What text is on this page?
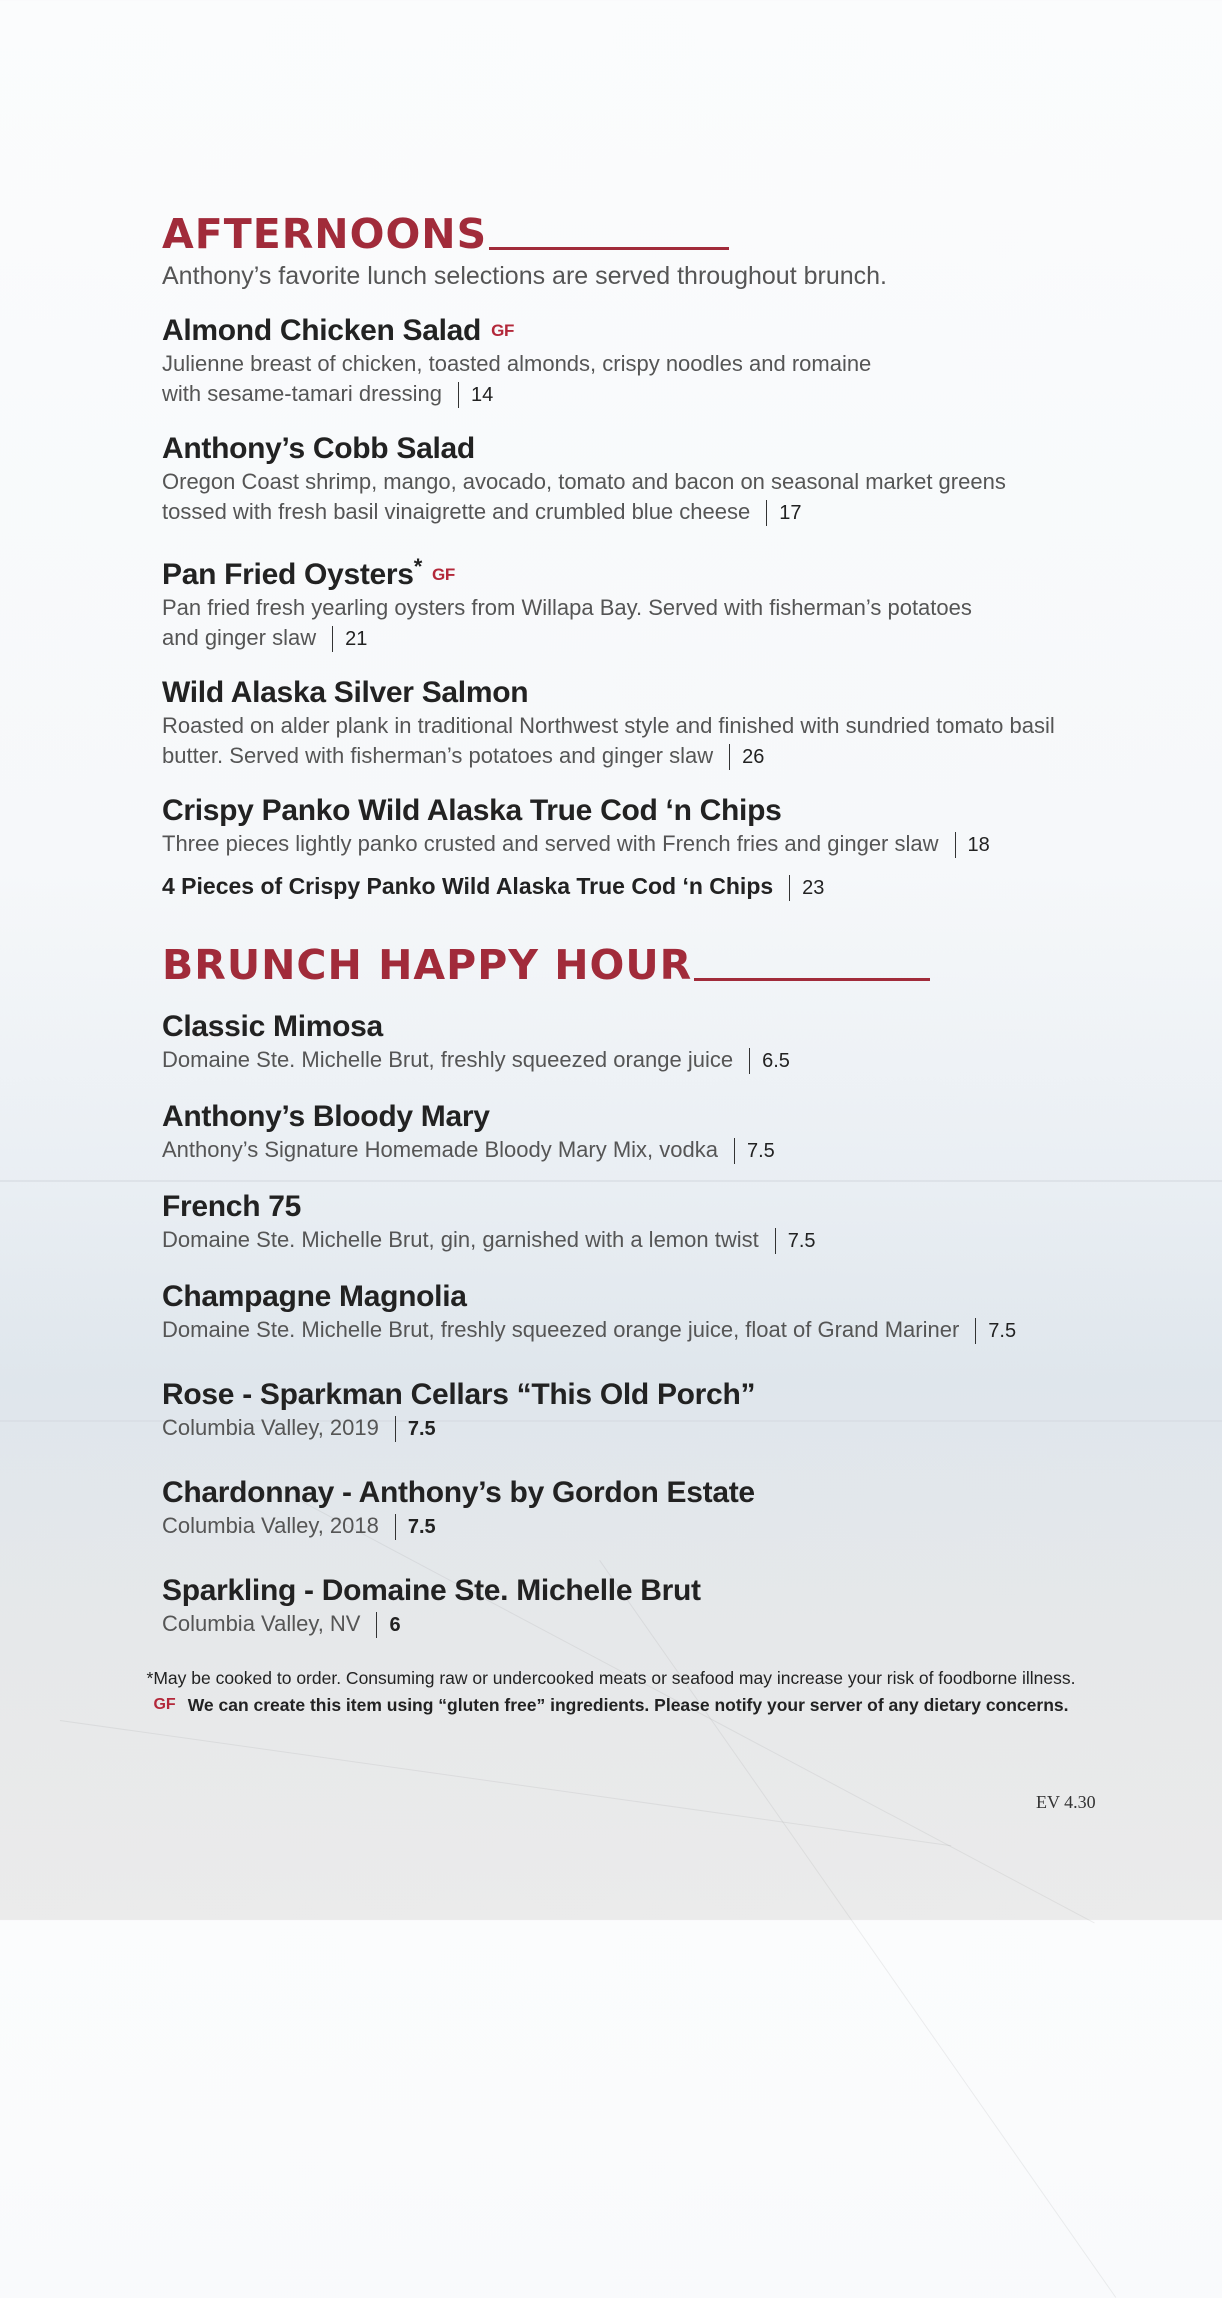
AFTERNOONS
Anthony’s favorite lunch selections are served throughout brunch.
Almond Chicken Salad GF
Julienne breast of chicken, toasted almonds, crispy noodles and romaine
with sesame-tamari dressing 14
Anthony’s Cobb Salad
Oregon Coast shrimp, mango, avocado, tomato and bacon on seasonal market greens
tossed with fresh basil vinaigrette and crumbled blue cheese 17
Pan Fried Oysters* GF
Pan fried fresh yearling oysters from Willapa Bay. Served with fisherman’s potatoes
and ginger slaw 21
Wild Alaska Silver Salmon
Roasted on alder plank in traditional Northwest style and finished with sundried tomato basil
butter. Served with fisherman’s potatoes and ginger slaw 26
Crispy Panko Wild Alaska True Cod ‘n Chips
Three pieces lightly panko crusted and served with French fries and ginger slaw 18
4 Pieces of Crispy Panko Wild Alaska True Cod ‘n Chips 23
BRUNCH HAPPY HOUR
Classic Mimosa
Domaine Ste. Michelle Brut, freshly squeezed orange juice 6.5
Anthony’s Bloody Mary
Anthony’s Signature Homemade Bloody Mary Mix, vodka 7.5
French 75
Domaine Ste. Michelle Brut, gin, garnished with a lemon twist 7.5
Champagne Magnolia
Domaine Ste. Michelle Brut, freshly squeezed orange juice, float of Grand Mariner 7.5
Rose - Sparkman Cellars “This Old Porch”
Columbia Valley, 2019 7.5
Chardonnay - Anthony’s by Gordon Estate
Columbia Valley, 2018 7.5
Sparkling - Domaine Ste. Michelle Brut
Columbia Valley, NV 6
*May be cooked to order. Consuming raw or undercooked meats or seafood may increase your risk of foodborne illness.
GF We can create this item using “gluten free” ingredients. Please notify your server of any dietary concerns.
EV 4.30
